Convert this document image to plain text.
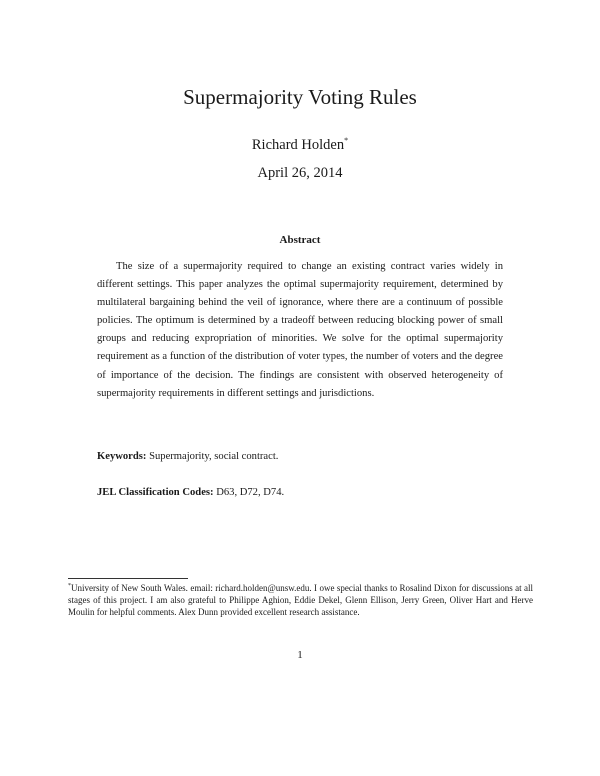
Supermajority Voting Rules
Richard Holden*
April 26, 2014
Abstract

The size of a supermajority required to change an existing contract varies widely in different settings. This paper analyzes the optimal supermajority requirement, determined by multilateral bargaining behind the veil of ignorance, where there are a continuum of possible policies. The optimum is determined by a tradeoff between reducing blocking power of small groups and reducing expropriation of minorities. We solve for the optimal supermajority requirement as a function of the distribution of voter types, the number of voters and the degree of importance of the decision. The findings are consistent with observed heterogeneity of supermajority requirements in different settings and jurisdictions.

Keywords: Supermajority, social contract.

JEL Classification Codes: D63, D72, D74.

*University of New South Wales. email: richard.holden@unsw.edu. I owe special thanks to Rosalind Dixon for discussions at all stages of this project. I am also grateful to Philippe Aghion, Eddie Dekel, Glenn Ellison, Jerry Green, Oliver Hart and Herve Moulin for helpful comments. Alex Dunn provided excellent research assistance.

1
